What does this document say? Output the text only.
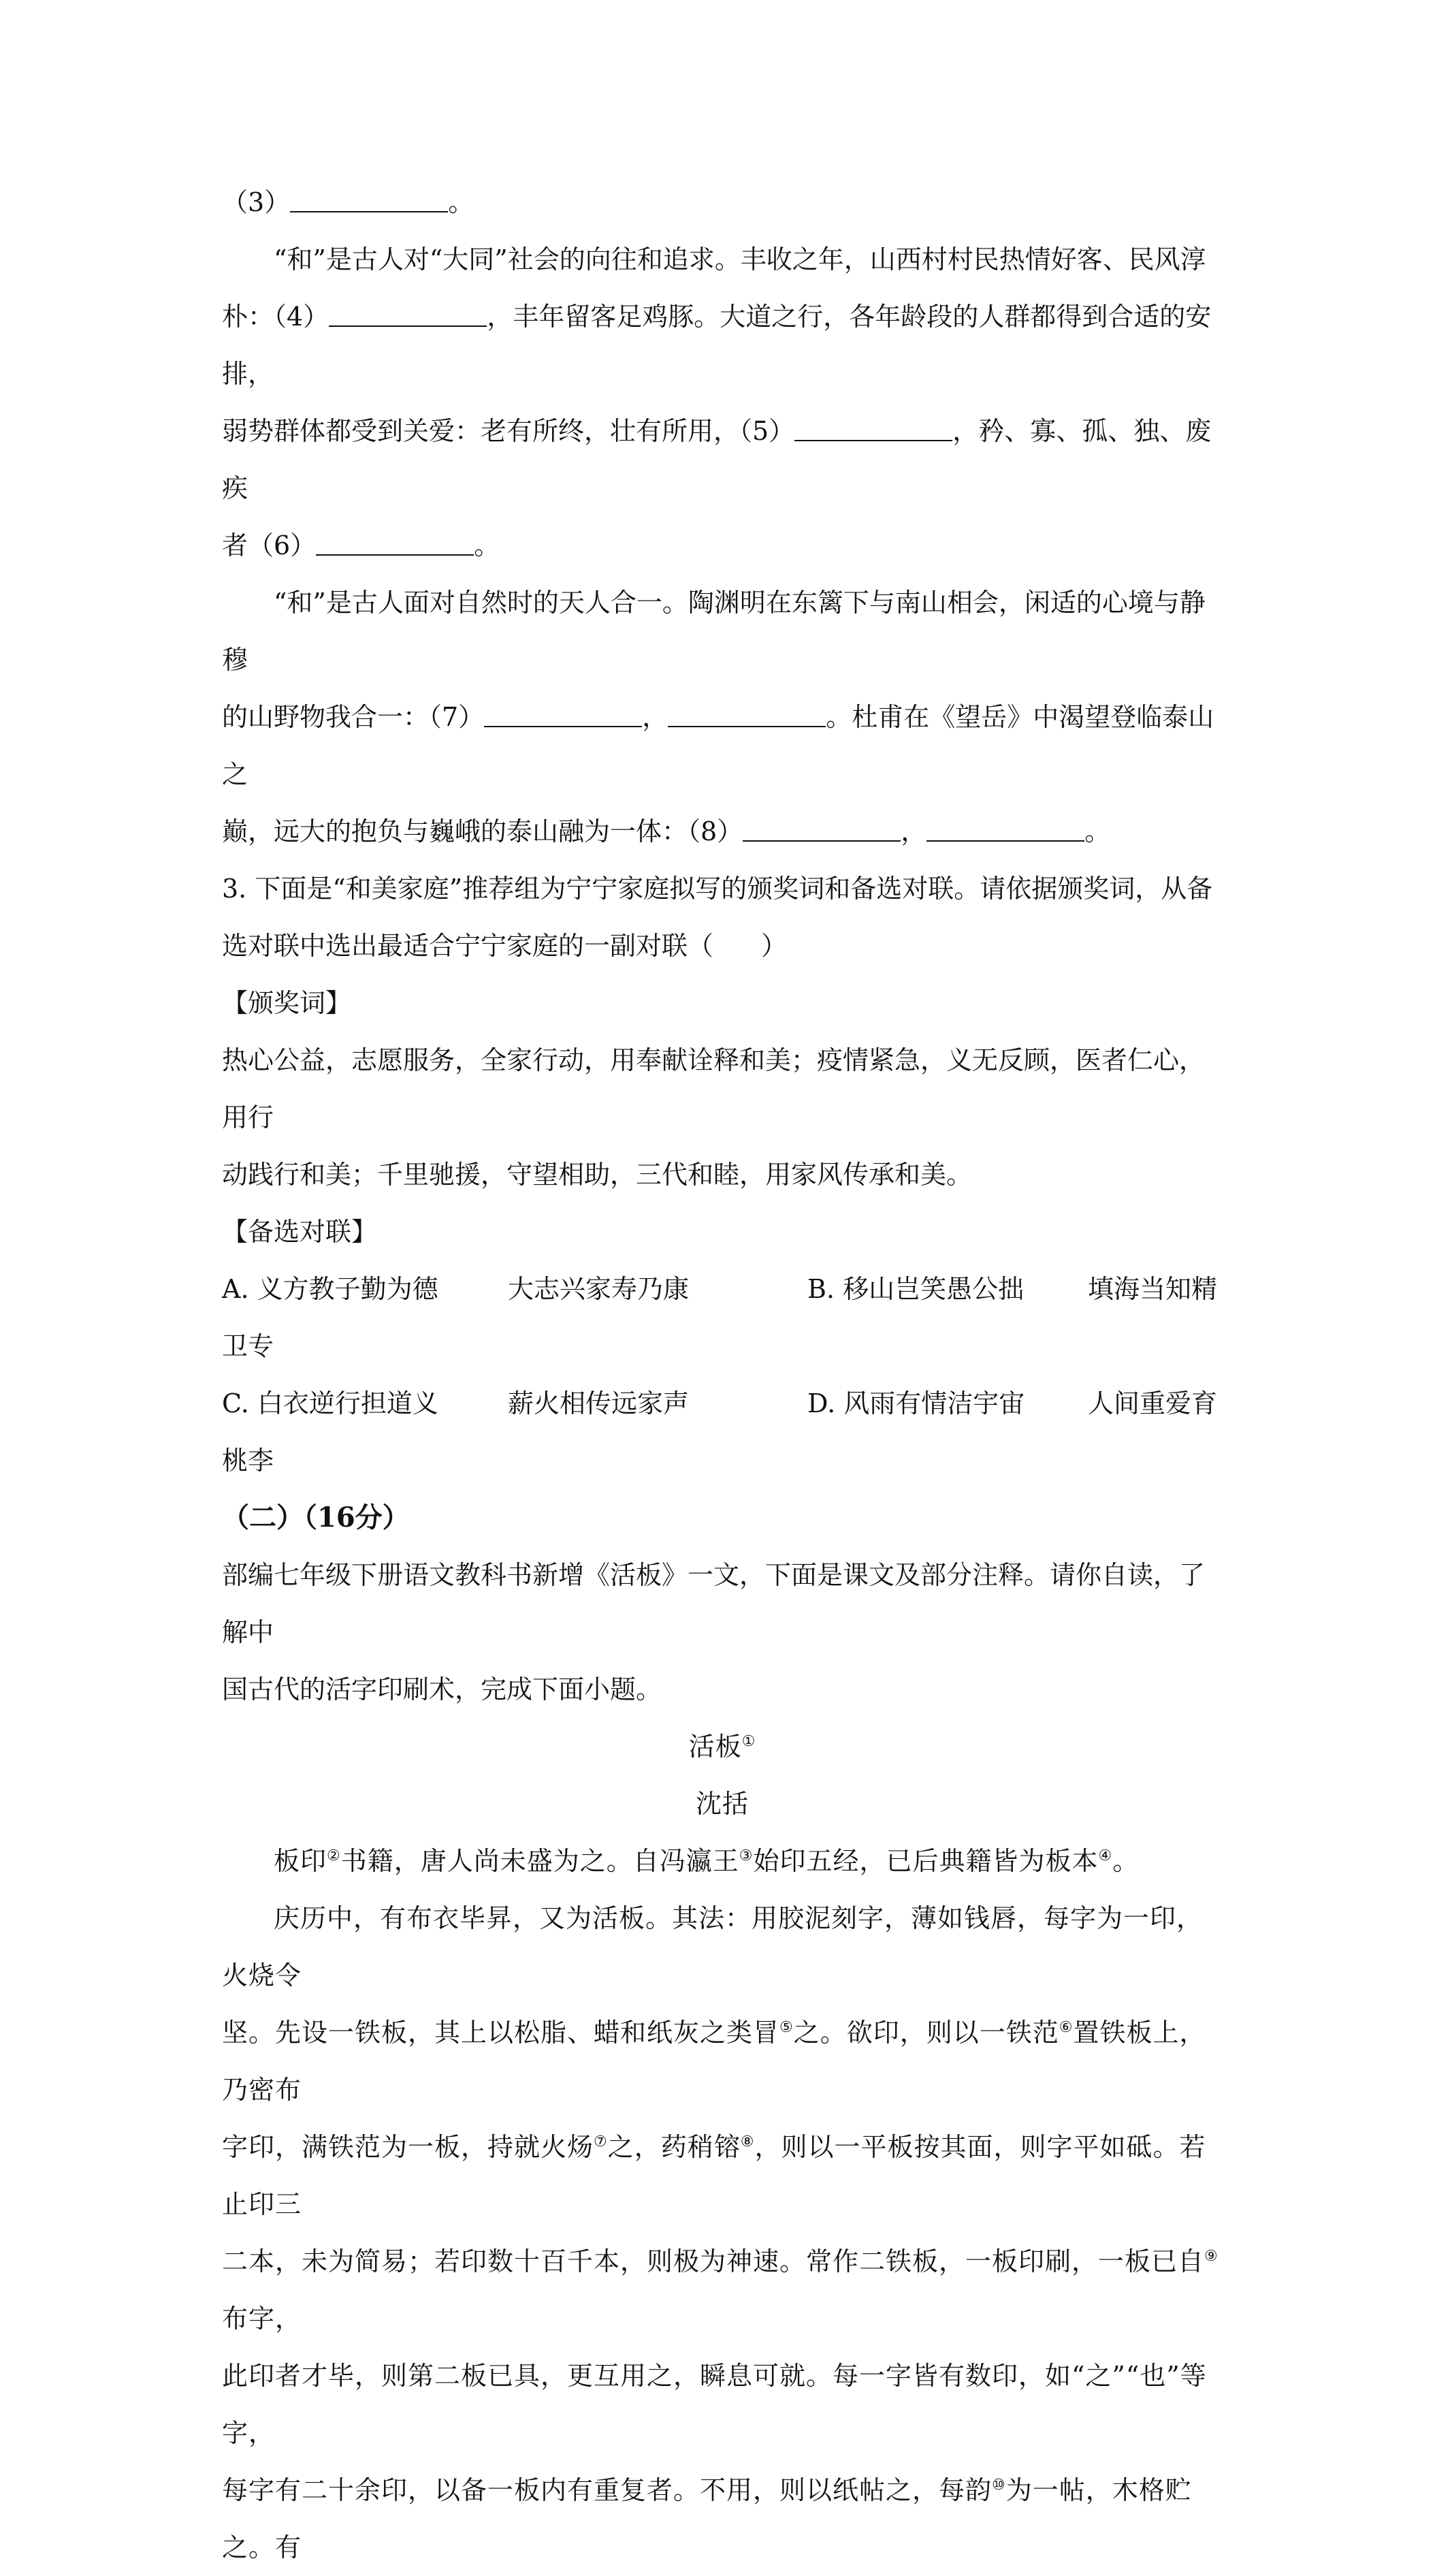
（3）	。

“和”是古人对“大同”社会的向往和追求。丰收之年，山西村村民热情好客、民风淳

朴：（4）	，丰年留客足鸡豚。大道之行，各年龄段的人群都得到合适的安排，

弱势群体都受到关爱：老有所终，壮有所用，（5）	，矜、寡、孤、独、废疾

者（6）	。

“和”是古人面对自然时的天人合一。陶渊明在东篱下与南山相会，闲适的心境与静穆

的山野物我合一：（7）	，	。杜甫在《望岳》中渴望登临泰山之

巅，远大的抱负与巍峨的泰山融为一体：（8）	，	。

3. 下面是“和美家庭”推荐组为宁宁家庭拟写的颁奖词和备选对联。请依据颁奖词，从备

选对联中选出最适合宁宁家庭的一副对联（ ）

【颁奖词】

热心公益，志愿服务，全家行动，用奉献诠释和美；疫情紧急，义无反顾，医者仁心，用行

动践行和美；千里驰援，守望相助，三代和睦，用家风传承和美。

【备选对联】

A. 义方教子勤为德	大志兴家寿乃康	B. 移山岂笑愚公拙	填海当知精

卫专

C. 白衣逆行担道义	薪火相传远家声	D. 风雨有情洁宇宙	人间重爱育

桃李

（二）（16分）

部编七年级下册语文教科书新增《活板》一文，下面是课文及部分注释。请你自读，了解中

国古代的活字印刷术，完成下面小题。

活板①

沈括

板印②书籍，唐人尚未盛为之。自冯瀛王③始印五经，已后典籍皆为板本④。

庆历中，有布衣毕昇，又为活板。其法：用胶泥刻字，薄如钱唇，每字为一印，火烧令

坚。先设一铁板，其上以松脂、蜡和纸灰之类冒⑤之。欲印，则以一铁范⑥置铁板上，乃密布

字印，满铁范为一板，持就火炀⑦之，药稍镕⑧，则以一平板按其面，则字平如砥。若止印三

二本，未为简易；若印数十百千本，则极为神速。常作二铁板，一板印刷，一板已自⑨布字，

此印者才毕，则第二板已具，更互用之，瞬息可就。每一字皆有数印，如“之”“也”等字，

每字有二十余印，以备一板内有重复者。不用，则以纸帖之，每韵⑩为一帖，木格贮之。有
